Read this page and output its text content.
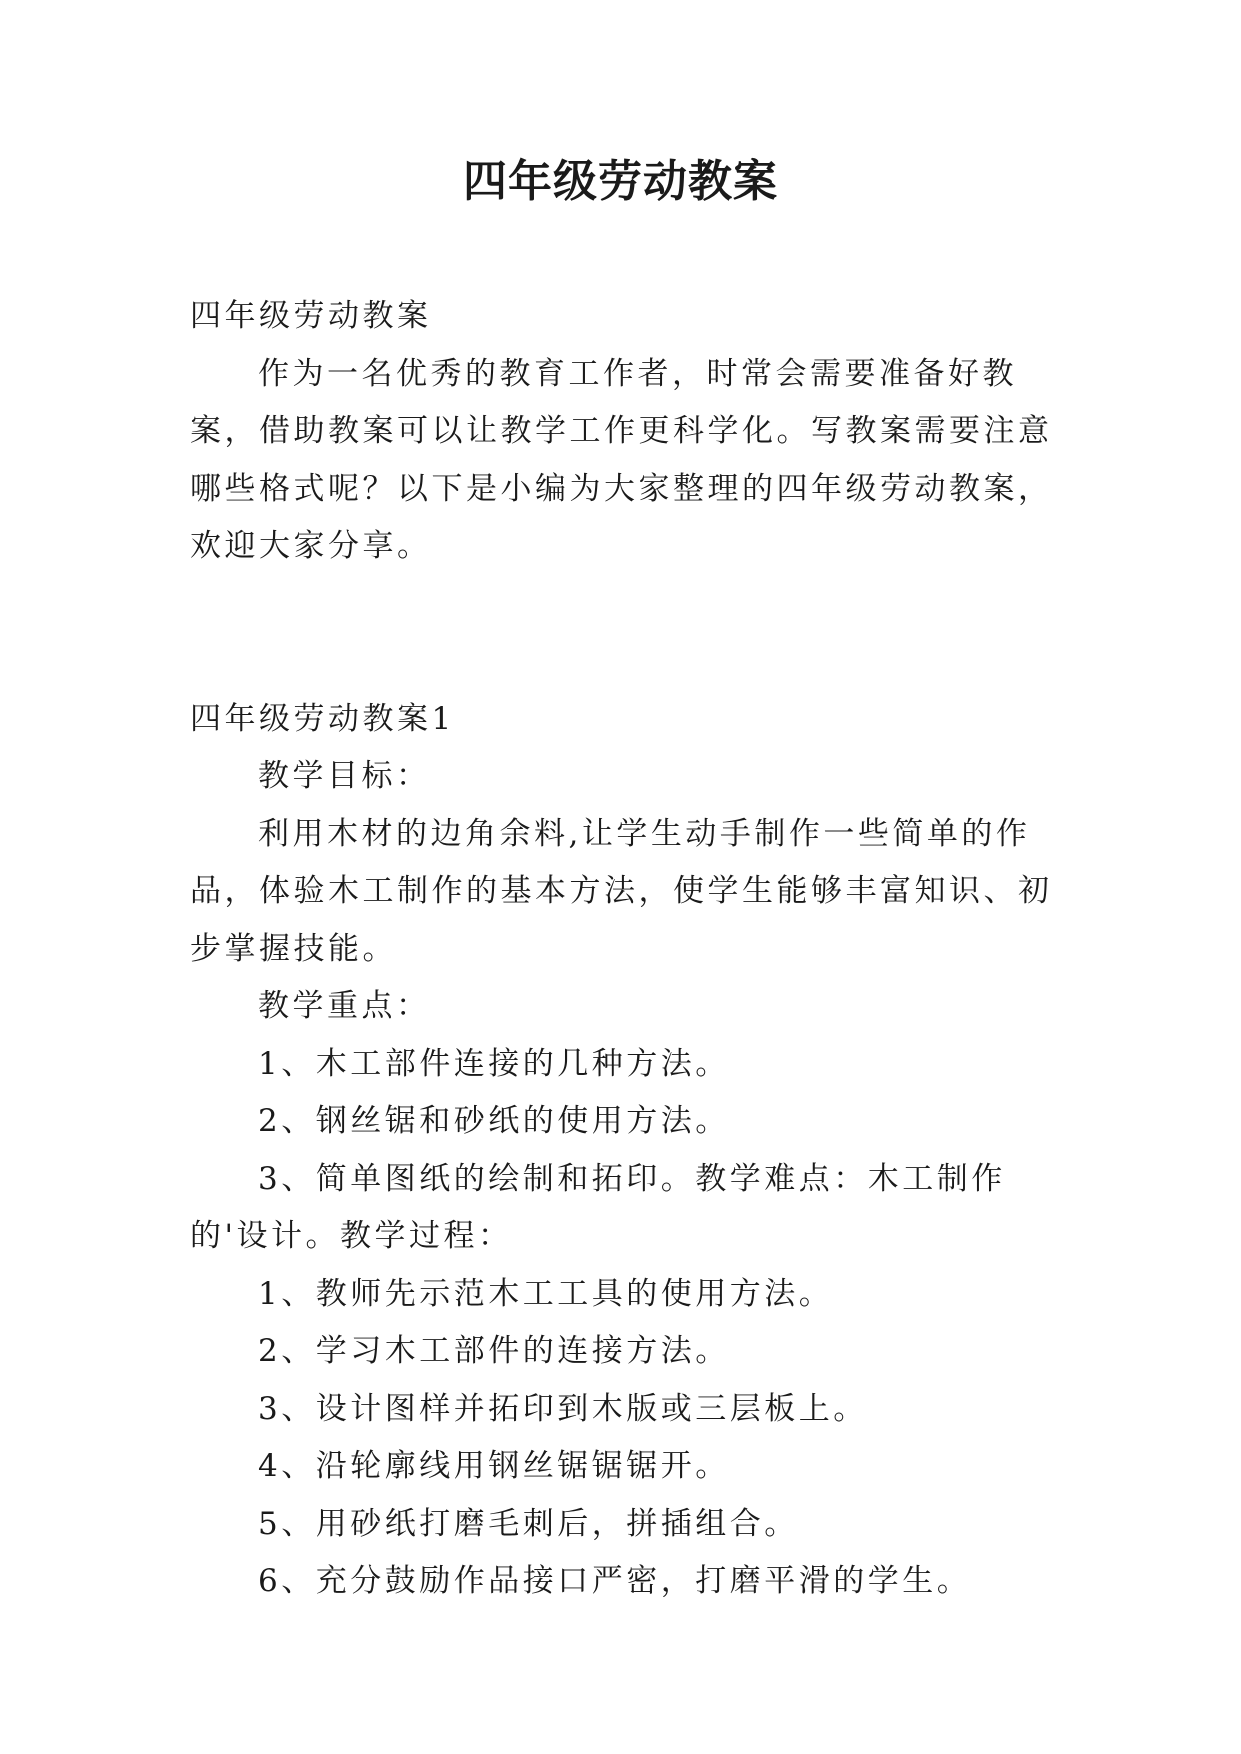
四年级劳动教案

四年级劳动教案

作为一名优秀的教育工作者，时常会需要准备好教案，借助教案可以让教学工作更科学化。写教案需要注意哪些格式呢？以下是小编为大家整理的四年级劳动教案，欢迎大家分享。

四年级劳动教案1

教学目标：

利用木材的边角余料,让学生动手制作一些简单的作品，体验木工制作的基本方法，使学生能够丰富知识、初步掌握技能。

教学重点：

1、木工部件连接的几种方法。

2、钢丝锯和砂纸的使用方法。

3、简单图纸的绘制和拓印。教学难点：木工制作的'设计。教学过程：

1、教师先示范木工工具的使用方法。

2、学习木工部件的连接方法。

3、设计图样并拓印到木版或三层板上。

4、沿轮廓线用钢丝锯锯锯开。

5、用砂纸打磨毛刺后，拼插组合。

6、充分鼓励作品接口严密，打磨平滑的学生。
